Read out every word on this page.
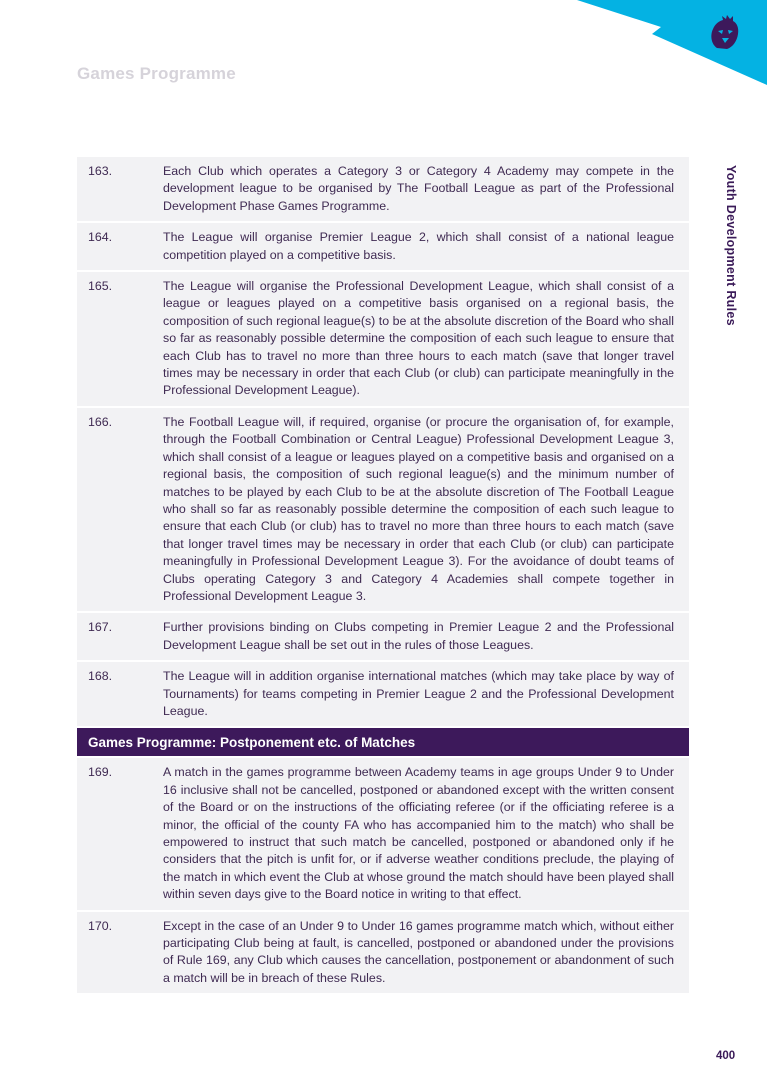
Games Programme
Youth Development Rules
163.	Each Club which operates a Category 3 or Category 4 Academy may compete in the development league to be organised by The Football League as part of the Professional Development Phase Games Programme.
164.	The League will organise Premier League 2, which shall consist of a national league competition played on a competitive basis.
165.	The League will organise the Professional Development League, which shall consist of a league or leagues played on a competitive basis organised on a regional basis, the composition of such regional league(s) to be at the absolute discretion of the Board who shall so far as reasonably possible determine the composition of each such league to ensure that each Club has to travel no more than three hours to each match (save that longer travel times may be necessary in order that each Club (or club) can participate meaningfully in the Professional Development League).
166.	The Football League will, if required, organise (or procure the organisation of, for example, through the Football Combination or Central League) Professional Development League 3, which shall consist of a league or leagues played on a competitive basis and organised on a regional basis, the composition of such regional league(s) and the minimum number of matches to be played by each Club to be at the absolute discretion of The Football League who shall so far as reasonably possible determine the composition of each such league to ensure that each Club (or club) has to travel no more than three hours to each match (save that longer travel times may be necessary in order that each Club (or club) can participate meaningfully in Professional Development League 3). For the avoidance of doubt teams of Clubs operating Category 3 and Category 4 Academies shall compete together in Professional Development League 3.
167.	Further provisions binding on Clubs competing in Premier League 2 and the Professional Development League shall be set out in the rules of those Leagues.
168.	The League will in addition organise international matches (which may take place by way of Tournaments) for teams competing in Premier League 2 and the Professional Development League.
Games Programme: Postponement etc. of Matches
169.	A match in the games programme between Academy teams in age groups Under 9 to Under 16 inclusive shall not be cancelled, postponed or abandoned except with the written consent of the Board or on the instructions of the officiating referee (or if the officiating referee is a minor, the official of the county FA who has accompanied him to the match) who shall be empowered to instruct that such match be cancelled, postponed or abandoned only if he considers that the pitch is unfit for, or if adverse weather conditions preclude, the playing of the match in which event the Club at whose ground the match should have been played shall within seven days give to the Board notice in writing to that effect.
170.	Except in the case of an Under 9 to Under 16 games programme match which, without either participating Club being at fault, is cancelled, postponed or abandoned under the provisions of Rule 169, any Club which causes the cancellation, postponement or abandonment of such a match will be in breach of these Rules.
400
